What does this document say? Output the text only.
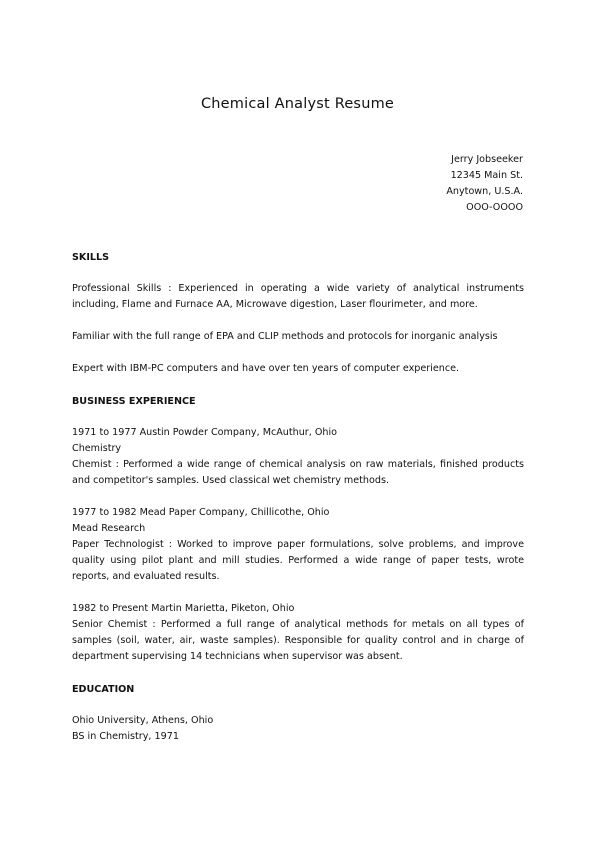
Chemical Analyst Resume
Jerry Jobseeker
12345 Main St.
Anytown, U.S.A.
OOO-OOOO
SKILLS
Professional Skills : Experienced in operating a wide variety of analytical instruments including, Flame and Furnace AA, Microwave digestion, Laser flourimeter, and more.
Familiar with the full range of EPA and CLIP methods and protocols for inorganic analysis
Expert with IBM-PC computers and have over ten years of computer experience.
BUSINESS EXPERIENCE
1971 to 1977 Austin Powder Company, McAuthur, Ohio
Chemistry
Chemist : Performed a wide range of chemical analysis on raw materials, finished products and competitor's samples. Used classical wet chemistry methods.
1977 to 1982 Mead Paper Company, Chillicothe, Ohio
Mead Research
Paper Technologist : Worked to improve paper formulations, solve problems, and improve quality using pilot plant and mill studies. Performed a wide range of paper tests, wrote reports, and evaluated results.
1982 to Present Martin Marietta, Piketon, Ohio
Senior Chemist : Performed a full range of analytical methods for metals on all types of samples (soil, water, air, waste samples). Responsible for quality control and in charge of department supervising 14 technicians when supervisor was absent.
EDUCATION
Ohio University, Athens, Ohio
BS in Chemistry, 1971
